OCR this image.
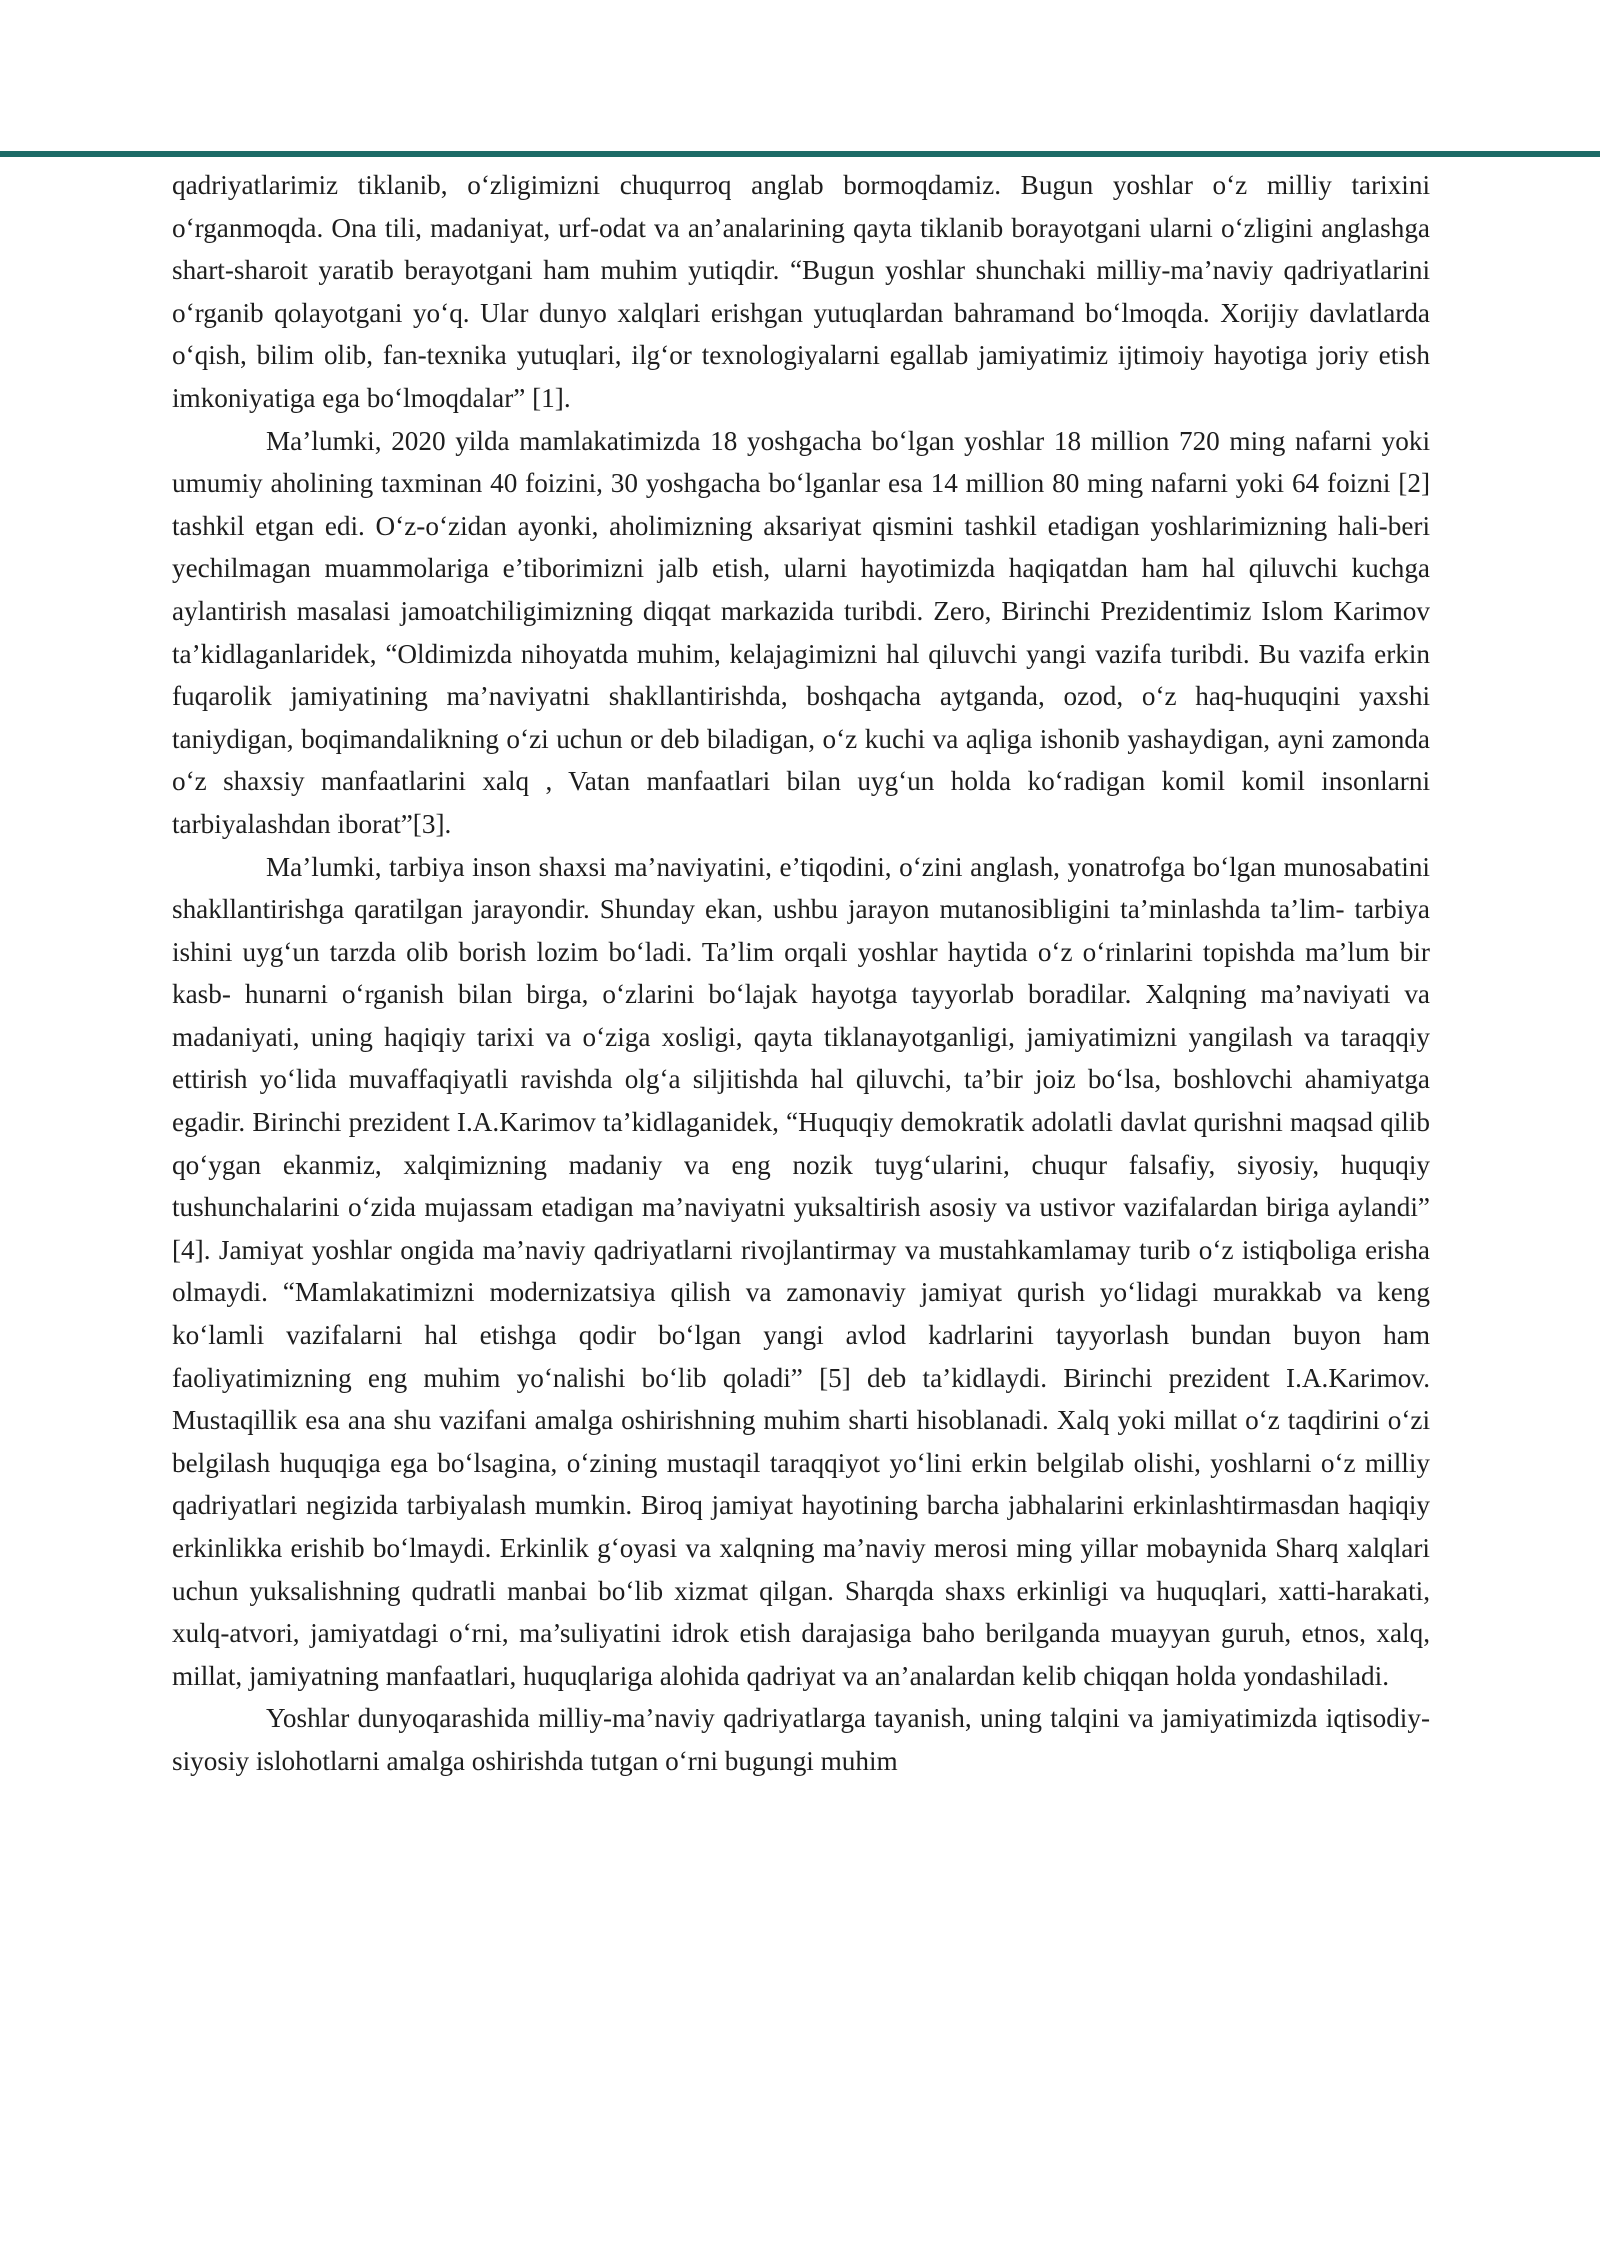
qadriyatlarimiz tiklanib, oʻzligimizni chuqurroq anglab bormoqdamiz. Bugun yoshlar oʻz milliy tarixini oʻrganmoqda. Ona tili, madaniyat, urf-odat va an’analarining qayta tiklanib borayotgani ularni oʻzligini anglashga shart-sharoit yaratib berayotgani ham muhim yutiqdir. “Bugun yoshlar shunchaki milliy-ma’naviy qadriyatlarini oʻrganib qolayotgani yoʻq. Ular dunyo xalqlari erishgan yutuqlardan bahramand boʻlmoqda. Xorijiy davlatlarda oʻqish, bilim olib, fan-texnika yutuqlari, ilgʻor texnologiyalarni egallab jamiyatimiz ijtimoiy hayotiga joriy etish imkoniyatiga ega boʻlmoqdalar” [1].

Ma’lumki, 2020 yilda mamlakatimizda 18 yoshgacha boʻlgan yoshlar 18 million 720 ming nafarni yoki umumiy aholining taxminan 40 foizini, 30 yoshgacha boʻlganlar esa 14 million 80 ming nafarni yoki 64 foizni [2] tashkil etgan edi. Oʻz-oʻzidan ayonki, aholimizning aksariyat qismini tashkil etadigan yoshlarimizning hali-beri yechilmagan muammolariga e’tiborimizni jalb etish, ularni hayotimizda haqiqatdan ham hal qiluvchi kuchga aylantirish masalasi jamoatchiligimizning diqqat markazida turibdi. Zero, Birinchi Prezidentimiz Islom Karimov ta’kidlaganlaridek, “Oldimizda nihoyatda muhim, kelajagimizni hal qiluvchi yangi vazifa turibdi. Bu vazifa erkin fuqarolik jamiyatining ma’naviyatni shakllantirishda, boshqacha aytganda, ozod, oʻz haq-huquqini yaxshi taniydigan, boqimandalikning oʻzi uchun or deb biladigan, oʻz kuchi va aqliga ishonib yashaydigan, ayni zamonda oʻz shaxsiy manfaatlarini xalq , Vatan manfaatlari bilan uygʻun holda koʻradigan komil komil insonlarni tarbiyalashdan iborat”[3].

Ma’lumki, tarbiya inson shaxsi ma’naviyatini, e’tiqodini, oʻzini anglash, yonatrofga boʻlgan munosabatini shakllantirishga qaratilgan jarayondir. Shunday ekan, ushbu jarayon mutanosibligini ta’minlashda ta’lim- tarbiya ishini uygʻun tarzda olib borish lozim boʻladi. Ta’lim orqali yoshlar haytida oʻz oʻrinlarini topishda ma’lum bir kasb- hunarni oʻrganish bilan birga, oʻzlarini boʻlajak hayotga tayyorlab boradilar. Xalqning ma’naviyati va madaniyati, uning haqiqiy tarixi va oʻziga xosligi, qayta tiklanayotganligi, jamiyatimizni yangilash va taraqqiy ettirish yoʻlida muvaffaqiyatli ravishda olgʻa siljitishda hal qiluvchi, ta’bir joiz boʻlsa, boshlovchi ahamiyatga egadir. Birinchi prezident I.A.Karimov ta’kidlaganidek, “Huquqiy demokratik adolatli davlat qurishni maqsad qilib qoʻygan ekanmiz, xalqimizning madaniy va eng nozik tuygʻularini, chuqur falsafiy, siyosiy, huquqiy tushunchalarini oʻzida mujassam etadigan ma’naviyatni yuksaltirish asosiy va ustivor vazifalardan biriga aylandi” [4]. Jamiyat yoshlar ongida ma’naviy qadriyatlarni rivojlantirmay va mustahkamlamay turib oʻz istiqboliga erisha olmaydi. “Mamlakatimizni modernizatsiya qilish va zamonaviy jamiyat qurish yoʻlidagi murakkab va keng koʻlamli vazifalarni hal etishga qodir boʻlgan yangi avlod kadrlarini tayyorlash bundan buyon ham faoliyatimizning eng muhim yoʻnalishi boʻlib qoladi” [5] deb ta’kidlaydi. Birinchi prezident I.A.Karimov. Mustaqillik esa ana shu vazifani amalga oshirishning muhim sharti hisoblanadi. Xalq yoki millat oʻz taqdirini oʻzi belgilash huquqiga ega boʻlsagina, oʻzining mustaqil taraqqiyot yoʻlini erkin belgilab olishi, yoshlarni oʻz milliy qadriyatlari negizida tarbiyalash mumkin. Biroq jamiyat hayotining barcha jabhalarini erkinlashtirmasdan haqiqiy erkinlikka erishib boʻlmaydi. Erkinlik gʻoyasi va xalqning ma’naviy merosi ming yillar mobaynida Sharq xalqlari uchun yuksalishning qudratli manbai boʻlib xizmat qilgan. Sharqda shaxs erkinligi va huquqlari, xatti-harakati, xulq-atvori, jamiyatdagi oʻrni, ma’suliyatini idrok etish darajasiga baho berilganda muayyan guruh, etnos, xalq, millat, jamiyatning manfaatlari, huquqlariga alohida qadriyat va an’analardan kelib chiqqan holda yondashiladi.

Yoshlar dunyoqarashida milliy-ma’naviy qadriyatlarga tayanish, uning talqini va jamiyatimizda iqtisodiy-siyosiy islohotlarni amalga oshirishda tutgan oʻrni bugungi muhim
